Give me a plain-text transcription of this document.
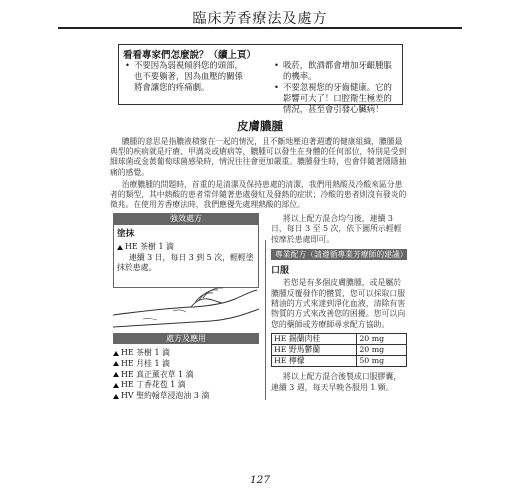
臨床芳香療法及處方
看看專家們怎麼說？（續上頁）
• 不要因為弱視傾斜您的頭部，也不要躺著，因為血壓的關係將會讓您的疼痛劇。
• 吸菸，飲酒都會增加牙齦腫脹的機率。
• 不要忽視您的牙齒健康。它的影響可大了！口腔衛生極差的情況，甚至會引發心臟病！
皮膚膿腫
膿腫的意思是指膿液積聚在一起的情況，且不斷地壓迫著週遭的健康組織，膿腫最典型的疾病就是疔瘡、甲溝炎或瘡病等，膿腫可以發生在身體的任何部位，特別是受到細球菌或金黃葡萄球菌感染時，情況往往會更加嚴重。膿腫發生時，也會伴隨著隱隱抽痛的感覺。
治療膿腫的問題時，首重的是清潔及保持患處的清潔，我們用熱酸及冷酸來區分患者的類型，其中熱酸的患者常伴隨著患處發紅及發熱的症狀；冷酸的患者則沒有發炎的徵兆。在使用芳香療法時，我們應優先處理熱酸的部位。
強效處方
塗抹
HE 茶樹 1 滴
連續 3 日，每日 3 到 5 次，輕輕塗抹於患處。
處方及應用
HE 茶樹 1 滴
HE 月桂 1 滴
HE 真正薰衣草 1 滴
HE 丁香花苞 1 滴
HV 聖約翰草浸泡油 3 滴
將以上配方混合均勻後，連續 3 日，每日 3 至 5 次，依下圖所示輕輕按摩於患處即可。
專業配方（請遵循專業芳療師的建議）
口服
若您是有多個皮膚膿腫，或是屬於膿腫反覆發作的體質，您可以採取口服精油的方式來達到淨化血液，清除有害物質的方式來改善您的困擾。您可以向您的藥師或芳療師尋求配方協助。
HE 錫蘭肉桂	20 mg
HE 野馬鬱蘭	20 mg
HE 檸檬	50 mg
將以上配方混合後製成口服膠囊，連續 3 週，每天早晚各服用 1 顆。
127
